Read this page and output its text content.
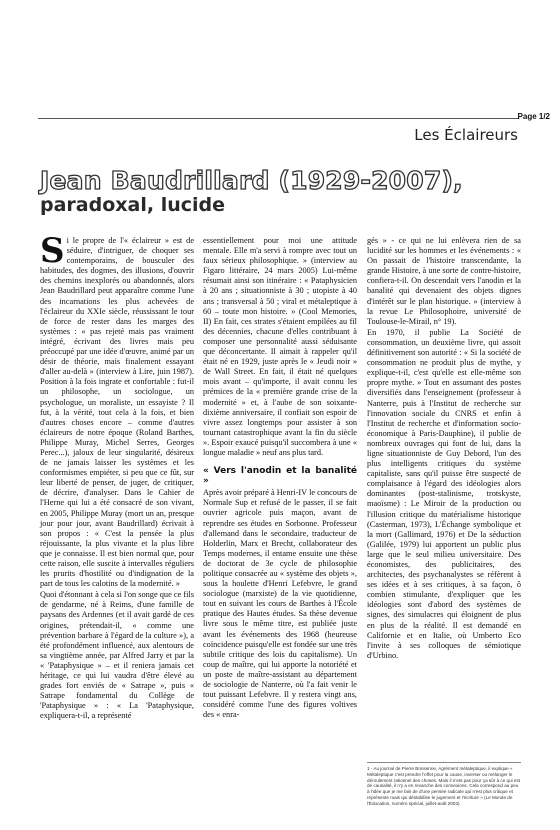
Page 1/2
Les Éclaireurs
Jean Baudrillard (1929-2007),
paradoxal, lucide

Si le propre de l'« éclaireur » est de séduire, d'intriguer, de choquer ses contemporains, de bousculer des habitudes, des dogmes, des illusions, d'ouvrir des chemins inexplorés ou abandonnés, alors Jean Baudrillard peut apparaître comme l'une des incarnations les plus achevées de l'éclaireur du XXIe siècle, réussissant le tour de force de rester dans les marges des systèmes : « pas rejeté mais pas vraiment intégré, écrivant des livres mais peu préoccupé par une idée d'œuvre, animé par un désir de théorie, mais finalement essayant d'aller au-delà » (interview à Lire, juin 1987). Position à la fois ingrate et confortable : fut-il un philosophe, un sociologue, un psychologue, un moraliste, un essayiste ? Il fut, à la vérité, tout cela à la fois, et bien d'autres choses encore – comme d'autres éclaireurs de notre époque (Roland Barthes, Philippe Muray, Michel Serres, Georges Perec...), jaloux de leur singularité, désireux de ne jamais laisser les systèmes et les conformismes empiéter, si peu que ce fût, sur leur liberté de penser, de juger, de critiquer, de décrire, d'analyser. Dans le Cahier de l'Herne qui lui a été consacré de son vivant, en 2005, Philippe Muray (mort un an, presque jour pour jour, avant Baudrillard) écrivait à son propos : « C'est la pensée la plus réjouissante, la plus vivante et la plus libre que je connaisse. Il est bien normal que, pour cette raison, elle suscite à intervalles réguliers les prurits d'hostilité ou d'indignation de la part de tous les calotins de la modernité. »

Quoi d'étonnant à cela si l'on songe que ce fils de gendarme, né à Reims, d'une famille de paysans des Ardennes (et il avait gardé de ces origines, prétendait-il, « comme une prévention barbare à l'égard de la culture »), a été profondément influencé, aux alentours de sa vingtième année, par Alfred Jarry et par la « 'Pataphysique » – et il reniera jamais cet héritage, ce qui lui vaudra d'être élevé au grades fort enviés de « Satrape », puis « Satrape fondamental du Collège de 'Pataphysique » : « La 'Pataphysique, expliquera-t-il, a représenté

essentiellement pour moi une attitude mentale. Elle m'a servi à rompre avec tout un faux sérieux philosophique. » (interview au Figaro littéraire, 24 mars 2005) Lui-même résumait ainsi son itinéraire : « Pataphysicien à 20 ans ; situationniste à 30 ; utopiste à 40 ans ; transversal à 50 ; viral et métaleptique à 60 – toute mon histoire. » (Cool Memories, II) En fait, ces strates s'étaient empilées au fil des décennies, chacune d'elles contribuant à composer une personnalité aussi séduisante que déconcertante. Il aimait à rappeler qu'il était né en 1929, juste après le « Jeudi noir » de Wall Street. En fait, il était né quelques mois avant – qu'importe, il avait connu les prémices de la « première grande crise de la modernité » et, à l'aube de son soixante-dixième anniversaire, il confiait son espoir de vivre assez longtemps pour assister à son tournant catastrophique avant la fin du siècle ». Espoir exaucé puisqu'il succombera à une « longue maladie » neuf ans plus tard.

« Vers l'anodin et la banalité »

Après avoir préparé à Henri-IV le concours de Normale Sup et refusé de le passer, il se fait ouvrier agricole puis maçon, avant de reprendre ses études en Sorbonne. Professeur d'allemand dans le secondaire, traducteur de Holderlin, Marx et Brecht, collaborateur des Temps modernes, il entame ensuite une thèse de doctorat de 3e cycle de philosophie politique consacrée au « système des objets », sous la houlette d'Henri Lefebvre, le grand sociologue (marxiste) de la vie quotidienne, tout en suivant les cours de Barthes à l'École pratique des Hautes études. Sa thèse devenue livre sous le même titre, est publiée juste avant les événements des 1968 (heureuse coïncidence puisqu'elle est fondée sur une très subtile critique des lois du capitalisme). Un coup de maître, qui lui apporte la notoriété et un poste de maître-assistant au département de sociologie de Nanterre, où l'a fait venir le tout puissant Lefebvre. Il y restera vingt ans, considéré comme l'une des figures voltives des « enra-

gés » - ce qui ne lui enlèvera rien de sa lucidité sur les hommes et les événements : « On passait de l'histoire transcendante, la grande Histoire, à une sorte de contre-histoire, confiera-t-il. On descendait vers l'anodin et la banalité qui devenaient des objets dignes d'intérêt sur le plan historique. » (interview à la revue Le Philosophoire, université de Toulouse-le-Mirail, n° 19).

En 1970, il publie La Société de consommation, un deuxième livre, qui assoit définitivement son autorité : « Si la société de consommation ne produit plus de mythe, y explique-t-il, c'est qu'elle est elle-même son propre mythe. » Tout en assumant des postes diversifiés dans l'enseignement (professeur à Nanterre, puis à l'Institut de recherche sur l'innovation sociale du CNRS et enfin à l'Institut de recherche et d'information socio-économique à Paris-Dauphine), il publie de nombreux ouvrages qui font de lui, dans la ligne situationniste de Guy Debord, l'un des plus intelligents critiques du système capitaliste, sans qu'il puisse être suspecté de complaisance à l'égard des idéologies alors dominantes (post-stalinisme, trotskyste, maoïsme) : Le Miroir de la production ou l'illusion critique du matérialisme historique (Casterman, 1973), L'Échange symbolique et la mort (Gallimard, 1976) et De la séduction (Galilée, 1979) lui apportent un public plus large que le seul milieu universitaire. Des économistes, des publicitaires, des architectes, des psychanalystes se réfèrent à ses idées et à ses critiques, à sa façon, ô combien stimulante, d'expliquer que les idéologies sont d'abord des systèmes de signes, des simulacres qui éloignent de plus en plus de la réalité. Il est demandé en Californie et en Italie, où Umberto Eco l'invite à ses colloques de sémiotique d'Urbino.

1 - Au journal de Pierre Bonsenne, Agrément métaleptique, il explique « Métaleptique c'est prendre l'effet pour la cause, inverser ou mélanger le déroulement rationnel des choses. Mais il n'est pas pour ça sûr à ce qui est de causalité, il n'y a en revanche des connexions. Cela correspond au peu à l'idée que je me fais de d'une pensée radicale qui n'est plus critique et représente mais qui déstabilise le jugement et l'écriture » (Le Monde de l'Éducation, numéro spécial, juillet-août 2003)
